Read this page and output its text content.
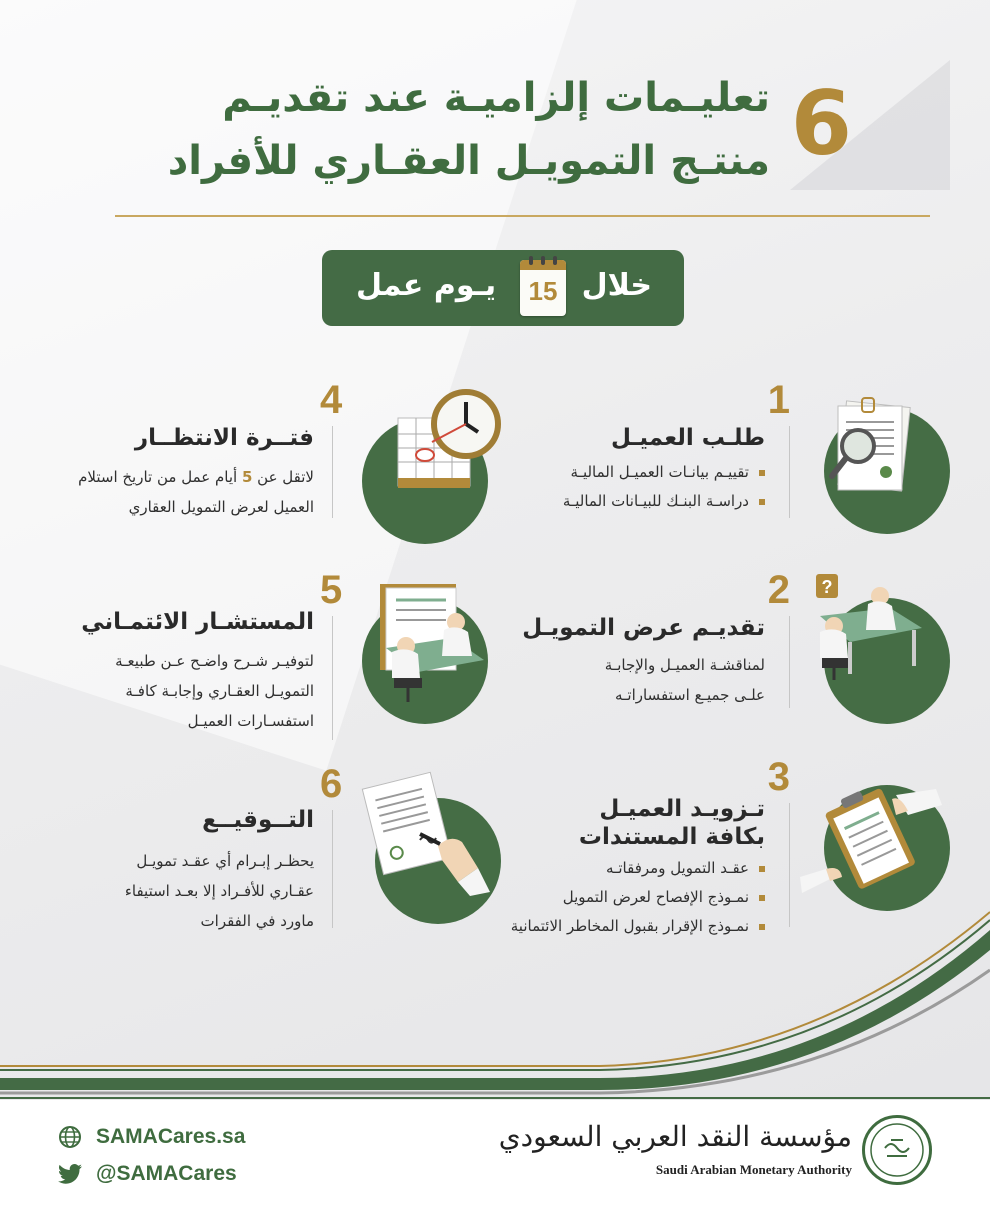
6
تعليـمات إلزاميـة عند تقديـم
منتـج التمويـل العقـاري للأفراد
خلال
15
يـوم عمل
1
طلـب العميـل
تقييـم بيانـات العميـل الماليـة
دراسـة البنـك للبيـانات الماليـة
2 ?
تقديـم عرض التمويـل
لمناقشـة العميـل والإجابـة
علـى جميـع استفساراتـه
3
تـزويـد العميـل
بكافة المستندات
عقـد التمويل ومرفقاتـه
نمـوذج الإفصاح لعرض التمويل
نمـوذج الإقرار بقبول المخاطر الائتمانية
4
فتــرة الانتظــار
لاتقل عن 5 أيام عمل من تاريخ استلام
العميل لعرض التمويل العقاري
5
المستشـار الائتمـاني
لتوفيـر شـرح واضـح عـن طبيعـة
التمويـل العقـاري وإجابـة كافـة
استفسـارات العميـل
6
التــوقيــع
يحظـر إبـرام أي عقـد تمويـل
عقـاري للأفـراد إلا بعـد استيفاء
ماورد في الفقرات
SAMACares.sa
@SAMACares
مؤسسة النقد العربي السعودي
Saudi Arabian Monetary Authority
